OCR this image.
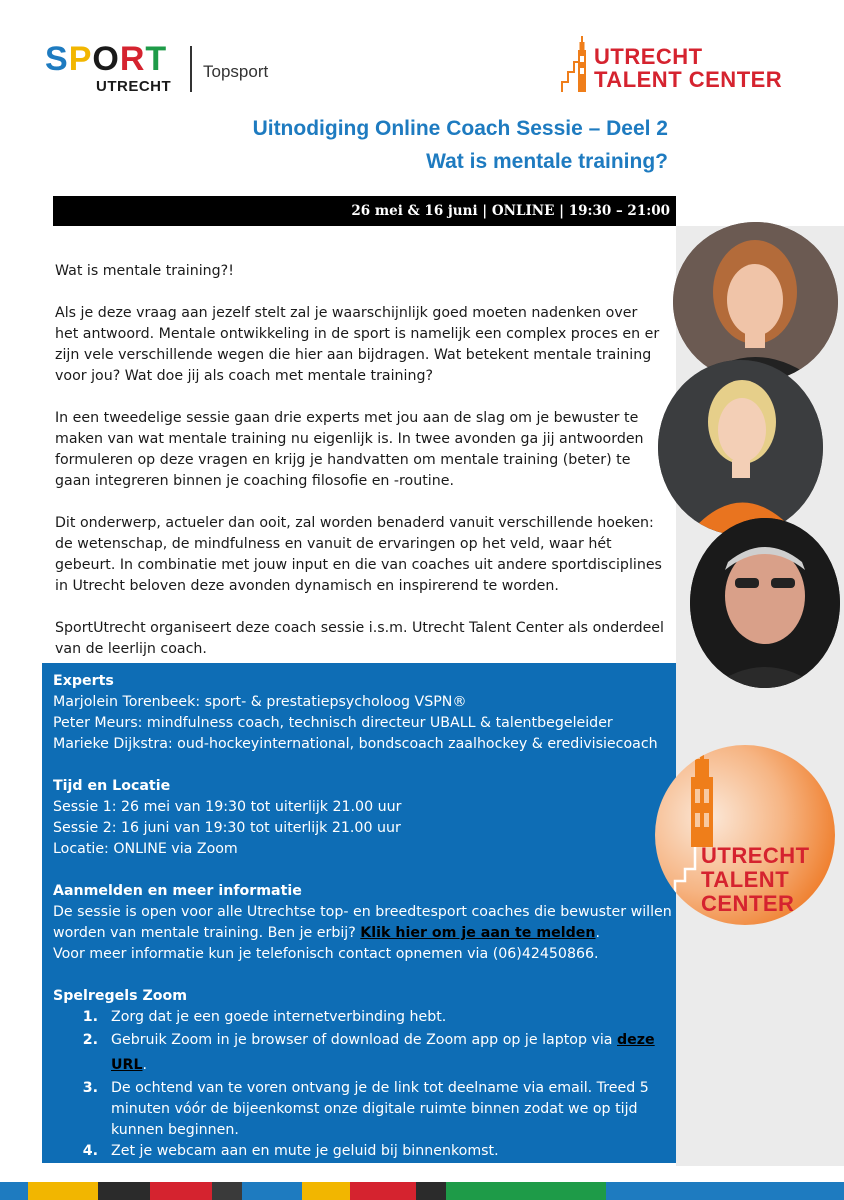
SPORT
UTRECHT
Topsport
UTRECHT
TALENT CENTER
Uitnodiging Online Coach Sessie – Deel 2
Wat is mentale training?
26 mei & 16 juni | ONLINE | 19:30 – 21:00

Wat is mentale training?!

Als je deze vraag aan jezelf stelt zal je waarschijnlijk goed moeten nadenken over het antwoord. Mentale ontwikkeling in de sport is namelijk een complex proces en er zijn vele verschillende wegen die hier aan bijdragen. Wat betekent mentale training voor jou? Wat doe jij als coach met mentale training?

In een tweedelige sessie gaan drie experts met jou aan de slag om je bewuster te maken van wat mentale training nu eigenlijk is. In twee avonden ga jij antwoorden formuleren op deze vragen en krijg je handvatten om mentale training (beter) te gaan integreren binnen je coaching filosofie en -routine.

Dit onderwerp, actueler dan ooit, zal worden benaderd vanuit verschillende hoeken: de wetenschap, de mindfulness en vanuit de ervaringen op het veld, waar hét gebeurt. In combinatie met jouw input en die van coaches uit andere sportdisciplines in Utrecht beloven deze avonden dynamisch en inspirerend te worden.

SportUtrecht organiseert deze coach sessie i.s.m. Utrecht Talent Center als onderdeel van de leerlijn coach.

Experts
Marjolein Torenbeek: sport- & prestatiepsycholoog VSPN®
Peter Meurs: mindfulness coach, technisch directeur UBALL & talentbegeleider
Marieke Dijkstra: oud-hockeyinternational, bondscoach zaalhockey & eredivisiecoach
Tijd en Locatie
Sessie 1: 26 mei van 19:30 tot uiterlijk 21.00 uur
Sessie 2: 16 juni van 19:30 tot uiterlijk 21.00 uur
Locatie: ONLINE via Zoom
Aanmelden en meer informatie
De sessie is open voor alle Utrechtse top- en breedtesport coaches die bewuster willen worden van mentale training. Ben je erbij? Klik hier om je aan te melden.
Voor meer informatie kun je telefonisch contact opnemen via (06)42450866.
Spelregels Zoom
1. Zorg dat je een goede internetverbinding hebt.
2. Gebruik Zoom in je browser of download de Zoom app op je laptop via deze URL.
3. De ochtend van te voren ontvang je de link tot deelname via email. Treed 5 minuten vóór de bijeenkomst onze digitale ruimte binnen zodat we op tijd kunnen beginnen.
4. Zet je webcam aan en mute je geluid bij binnenkomst.
UTRECHT
TALENT
CENTER
